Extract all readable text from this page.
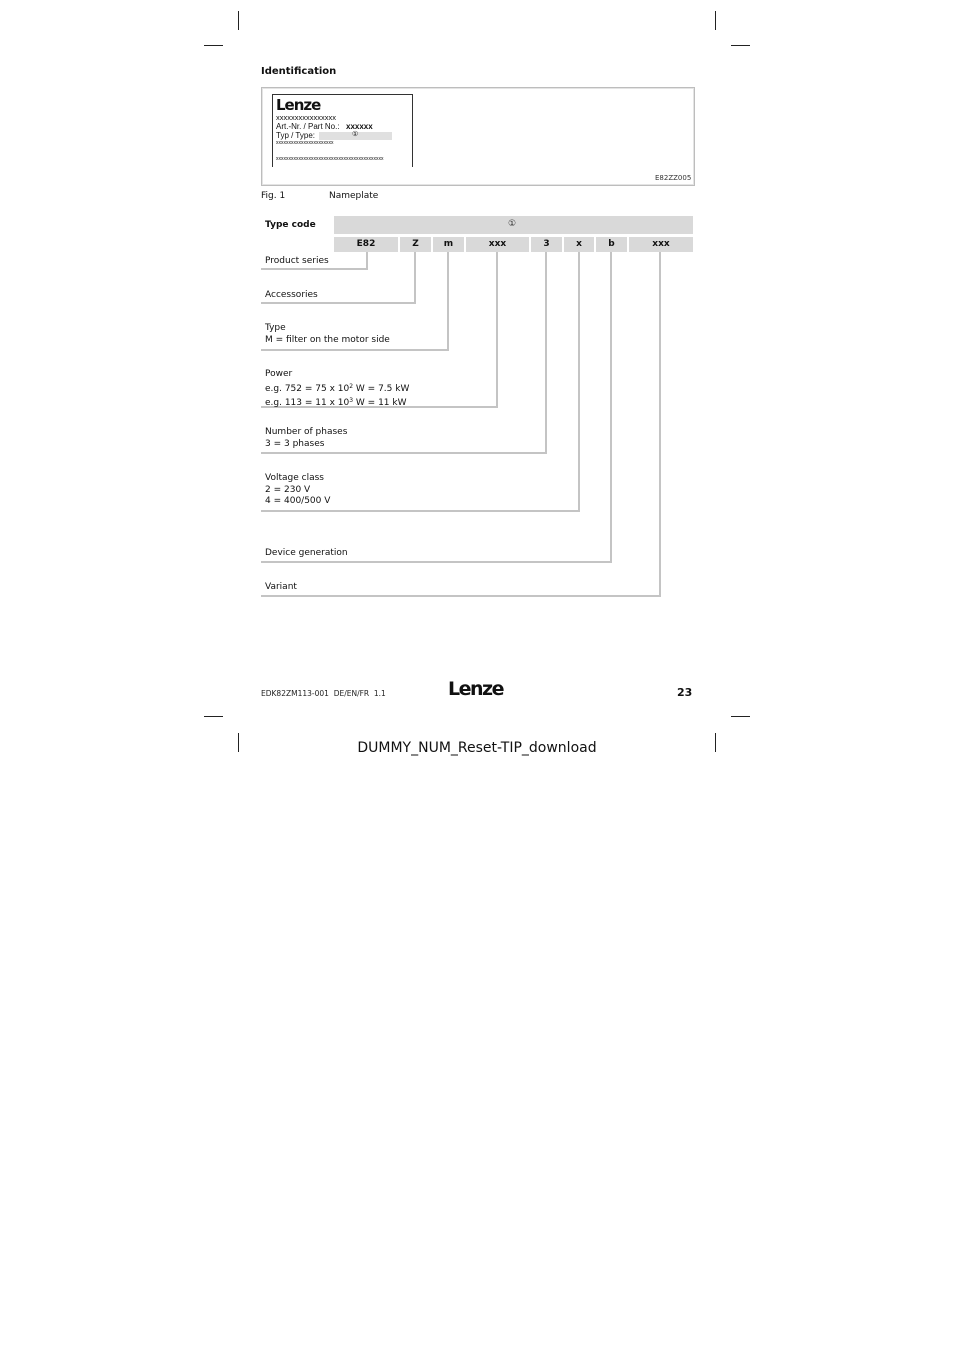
Identification
Lenze
xxxxxxxxxxxxxxxx
Art.-Nr. / Part No.: xxxxxx
Typ / Type:	①
xxxxxxxxxxxxxxxxxxxxxxx
xxxxxxxxxxxxxxxxxxxxxxxxxxxxxxxxxxxxxxxxxxx
E82ZZ005
Fig. 1	Nameplate
Type code	①
E82	Z	m	xxx	3	x	b	xxx
Product series
Accessories
Type
M = filter on the motor side
Power
e.g. 752 = 75 x $10^2$ W = 7.5 kW
e.g. 113 = 11 x $10^3$ W = 11 kW
Number of phases
3 = 3 phases
Voltage class
2 = 230 V
4 = 400/500 V
Device generation
Variant
EDK82ZM113-001  DE/EN/FR  1.1	Lenze	23
DUMMY_NUM_Reset-TIP_download
